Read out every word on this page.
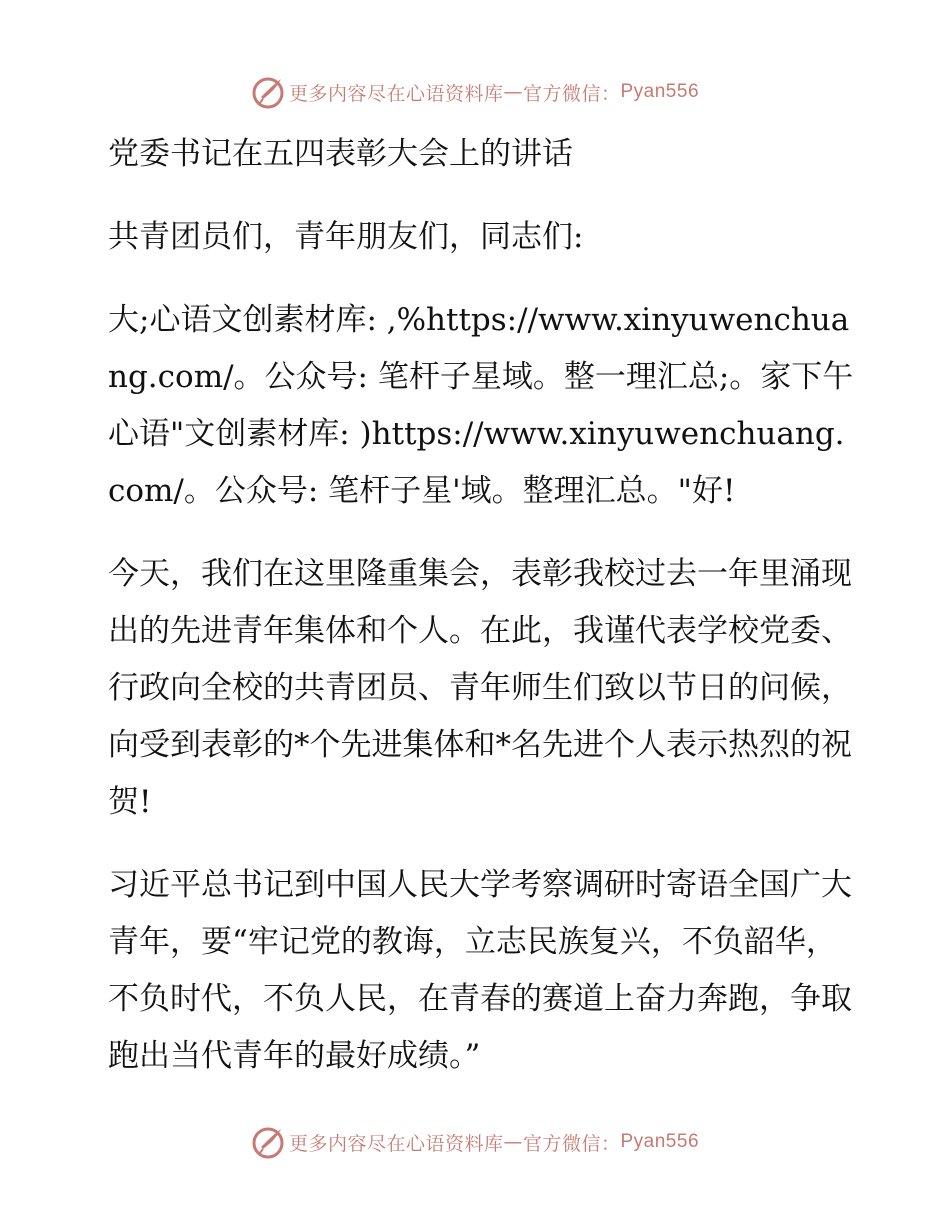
更多内容尽在心语资料库 — 官方微信： Pyan556

党委书记在五四表彰大会上的讲话

共青团员们，青年朋友们，同志们:

大;心语文创素材库: ,%https://www.xinyuwenchuang.com/。公众号: 笔杆子星域。整一理汇总;。家下午心语"文创素材库: )https://www.xinyuwenchuang.com/。公众号: 笔杆子星'域。整理汇总。"好!

今天，我们在这里隆重集会，表彰我校过去一年里涌现出的先进青年集体和个人。在此，我谨代表学校党委、行政向全校的共青团员、青年师生们致以节日的问候，向受到表彰的*个先进集体和*名先进个人表示热烈的祝贺!

习近平总书记到中国人民大学考察调研时寄语全国广大青年，要“牢记党的教诲，立志民族复兴，不负韶华，不负时代，不负人民，在青春的赛道上奋力奔跑，争取跑出当代青年的最好成绩。”

更多内容尽在心语资料库 — 官方微信： Pyan556
